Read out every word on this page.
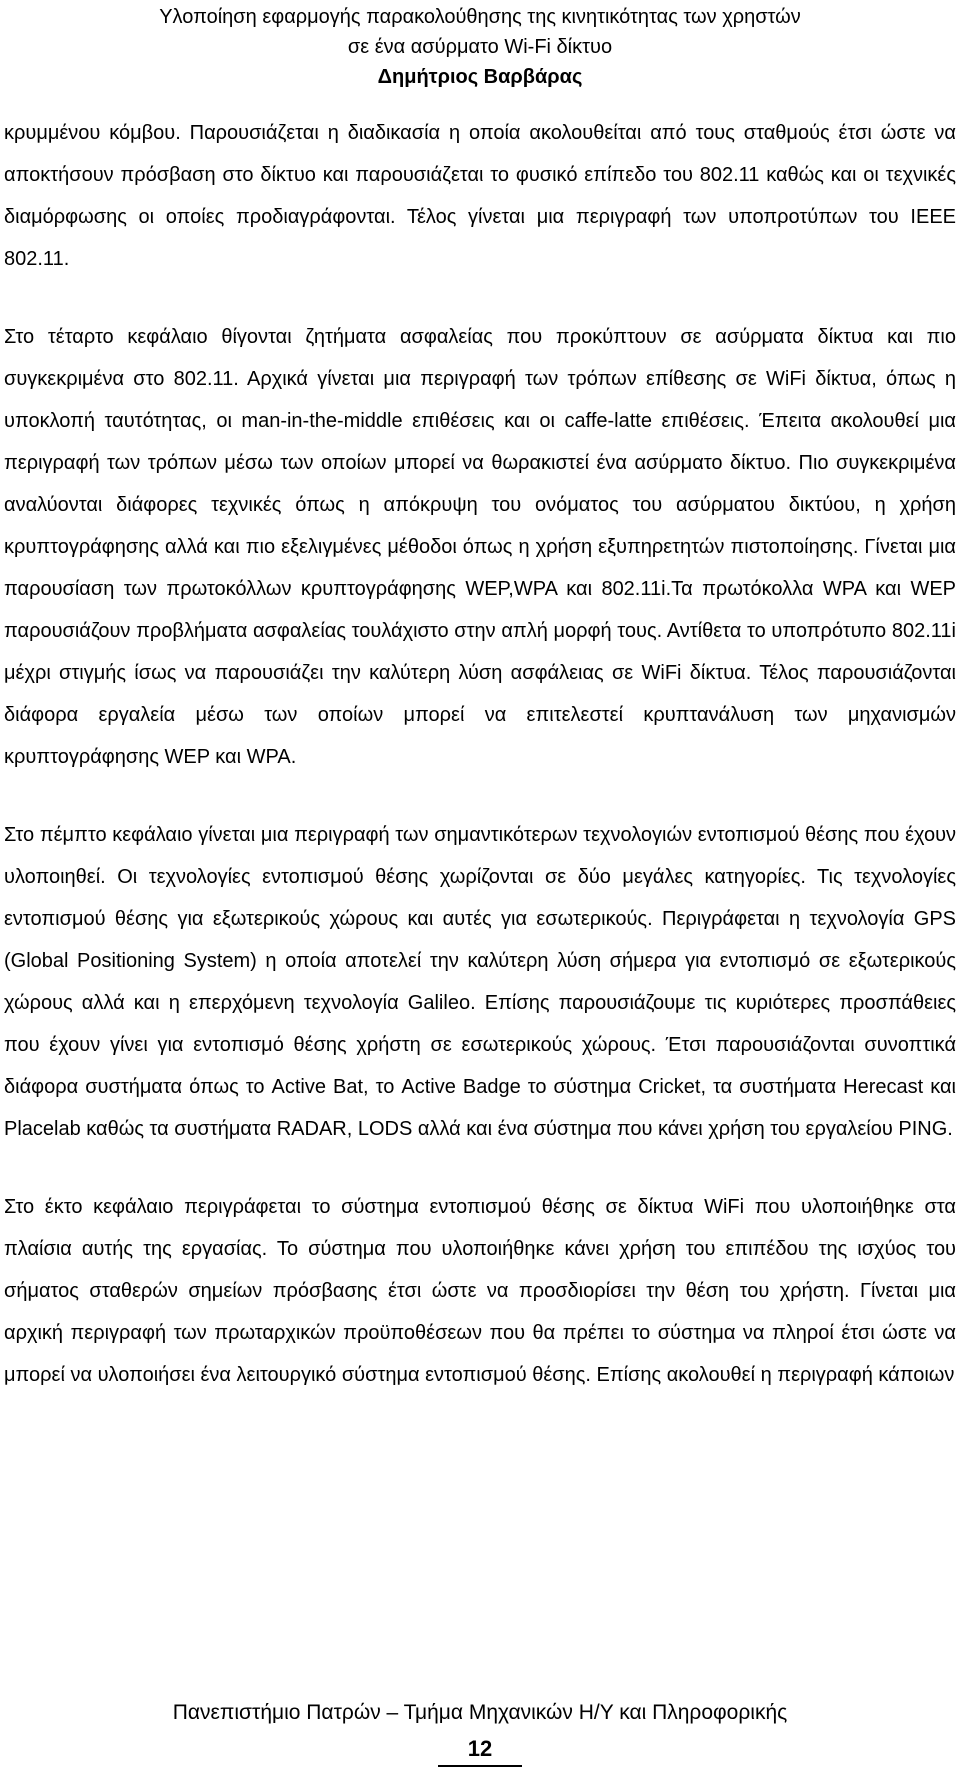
Υλοποίηση εφαρμογής παρακολούθησης της κινητικότητας των χρηστών
σε ένα ασύρματο Wi-Fi δίκτυο
Δημήτριος Βαρβάρας

κρυμμένου κόμβου. Παρουσιάζεται η διαδικασία η οποία ακολουθείται από τους σταθμούς έτσι ώστε να αποκτήσουν πρόσβαση στο δίκτυο και παρουσιάζεται το φυσικό επίπεδο του 802.11 καθώς και οι τεχνικές διαμόρφωσης οι οποίες προδιαγράφονται. Τέλος γίνεται μια περιγραφή των υποπροτύπων του IEEE 802.11.

Στο τέταρτο κεφάλαιο θίγονται ζητήματα ασφαλείας που προκύπτουν σε ασύρματα δίκτυα και πιο συγκεκριμένα στο 802.11. Αρχικά γίνεται μια περιγραφή των τρόπων επίθεσης σε WiFi δίκτυα, όπως η υποκλοπή ταυτότητας, οι man-in-the-middle επιθέσεις και οι caffe-latte επιθέσεις. Έπειτα ακολουθεί μια περιγραφή των τρόπων μέσω των οποίων μπορεί να θωρακιστεί ένα ασύρματο δίκτυο. Πιο συγκεκριμένα αναλύονται διάφορες τεχνικές όπως η απόκρυψη του ονόματος του ασύρματου δικτύου, η χρήση κρυπτογράφησης αλλά και πιο εξελιγμένες μέθοδοι όπως η χρήση εξυπηρετητών πιστοποίησης. Γίνεται μια παρουσίαση των πρωτοκόλλων κρυπτογράφησης WEP,WPA και 802.11i.Τα πρωτόκολλα WPA και WEP παρουσιάζουν προβλήματα ασφαλείας τουλάχιστο στην απλή μορφή τους. Αντίθετα το υποπρότυπο 802.11i μέχρι στιγμής ίσως να παρουσιάζει την καλύτερη λύση ασφάλειας σε WiFi δίκτυα. Τέλος παρουσιάζονται διάφορα εργαλεία μέσω των οποίων μπορεί να επιτελεστεί κρυπτανάλυση των μηχανισμών κρυπτογράφησης WEP και WPA.

Στο πέμπτο κεφάλαιο γίνεται μια περιγραφή των σημαντικότερων τεχνολογιών εντοπισμού θέσης που έχουν υλοποιηθεί. Οι τεχνολογίες εντοπισμού θέσης χωρίζονται σε δύο μεγάλες κατηγορίες. Τις τεχνολογίες εντοπισμού θέσης για εξωτερικούς χώρους και αυτές για εσωτερικούς. Περιγράφεται η τεχνολογία GPS (Global Positioning System) η οποία αποτελεί την καλύτερη λύση σήμερα για εντοπισμό σε εξωτερικούς χώρους αλλά και η επερχόμενη τεχνολογία Galileo. Επίσης παρουσιάζουμε τις κυριότερες προσπάθειες που έχουν γίνει για εντοπισμό θέσης χρήστη σε εσωτερικούς χώρους. Έτσι παρουσιάζονται συνοπτικά διάφορα συστήματα όπως το Active Bat, το Active Badge το σύστημα Cricket, τα συστήματα Herecast και Placelab καθώς τα συστήματα RADAR, LODS αλλά και ένα σύστημα που κάνει χρήση του εργαλείου PING.

Στο έκτο κεφάλαιο περιγράφεται το σύστημα εντοπισμού θέσης σε δίκτυα WiFi που υλοποιήθηκε στα πλαίσια αυτής της εργασίας. Το σύστημα που υλοποιήθηκε κάνει χρήση του επιπέδου της ισχύος του σήματος σταθερών σημείων πρόσβασης έτσι ώστε να προσδιορίσει την θέση του χρήστη. Γίνεται μια αρχική περιγραφή των πρωταρχικών προϋποθέσεων που θα πρέπει το σύστημα να πληροί έτσι ώστε να μπορεί να υλοποιήσει ένα λειτουργικό σύστημα εντοπισμού θέσης. Επίσης ακολουθεί η περιγραφή κάποιων

Πανεπιστήμιο Πατρών – Τμήμα Μηχανικών Η/Υ και Πληροφορικής
12
